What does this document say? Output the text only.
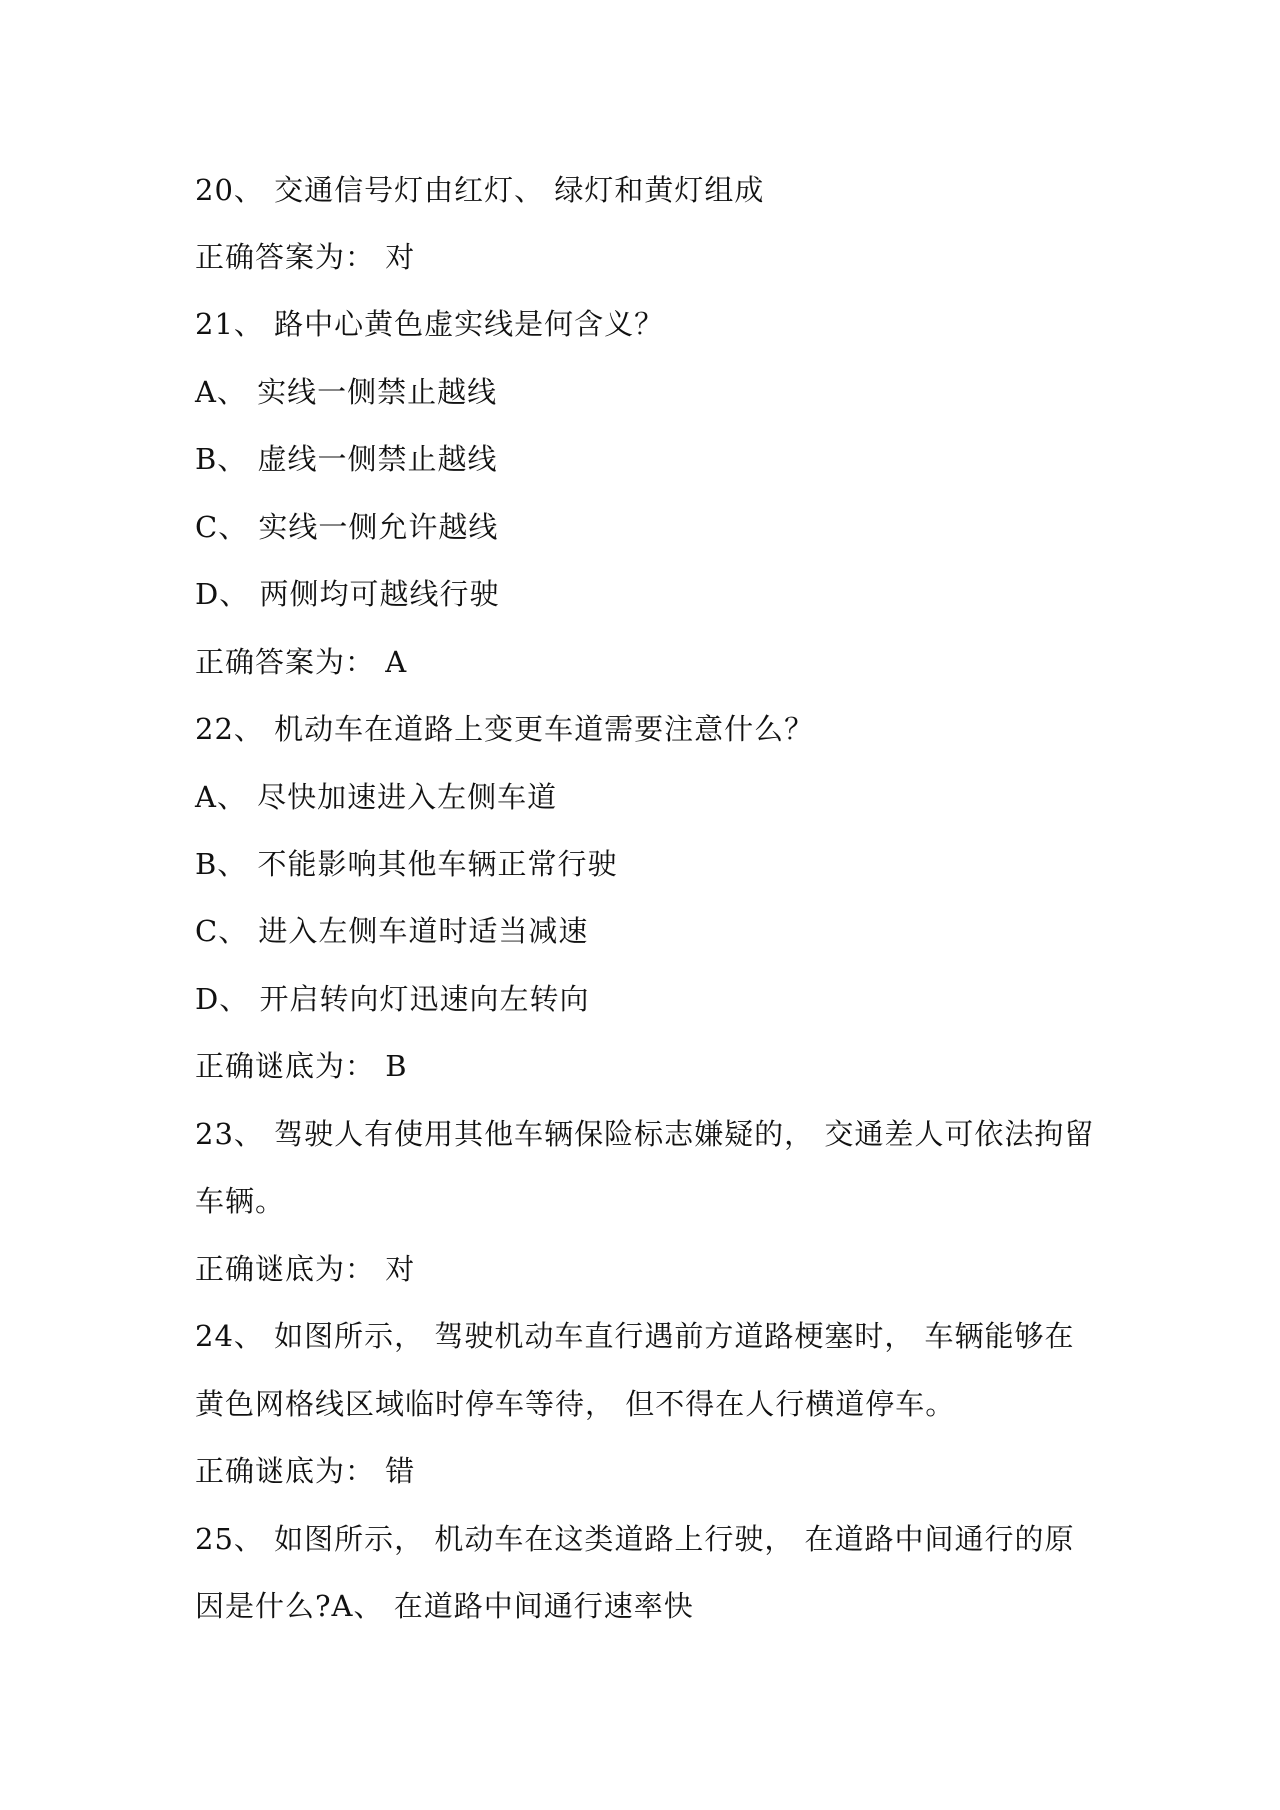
20、 交通信号灯由红灯、 绿灯和黄灯组成
正确答案为： 对
21、 路中心黄色虚实线是何含义？
A、 实线一侧禁止越线
B、 虚线一侧禁止越线
C、 实线一侧允许越线
D、 两侧均可越线行驶
正确答案为： A
22、 机动车在道路上变更车道需要注意什么？
A、 尽快加速进入左侧车道
B、 不能影响其他车辆正常行驶
C、 进入左侧车道时适当减速
D、 开启转向灯迅速向左转向
正确谜底为： B
23、 驾驶人有使用其他车辆保险标志嫌疑的， 交通差人可依法拘留
车辆。
正确谜底为： 对
24、 如图所示， 驾驶机动车直行遇前方道路梗塞时， 车辆能够在
黄色网格线区域临时停车等待， 但不得在人行横道停车。
正确谜底为： 错
25、 如图所示， 机动车在这类道路上行驶， 在道路中间通行的原
因是什么?A、 在道路中间通行速率快
